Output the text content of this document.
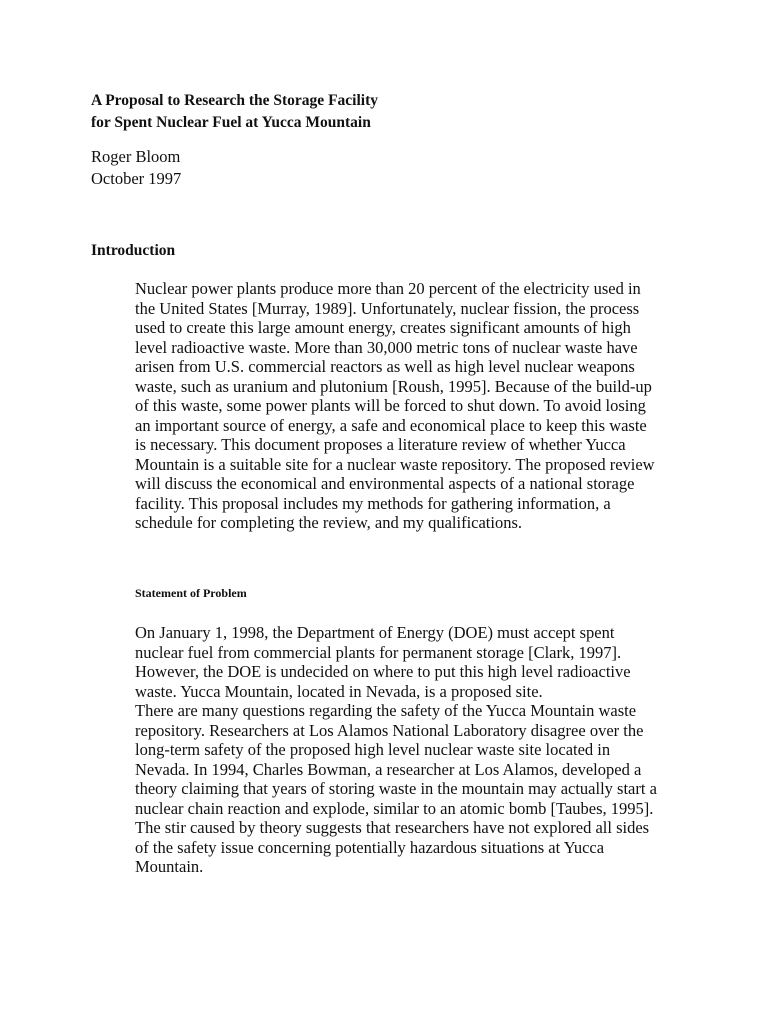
A Proposal to Research the Storage Facility
for Spent Nuclear Fuel at Yucca Mountain
Roger Bloom
October 1997
Introduction

Nuclear power plants produce more than 20 percent of the electricity used in
the United States [Murray, 1989]. Unfortunately, nuclear fission, the process
used to create this large amount energy, creates significant amounts of high
level radioactive waste. More than 30,000 metric tons of nuclear waste have
arisen from U.S. commercial reactors as well as high level nuclear weapons
waste, such as uranium and plutonium [Roush, 1995]. Because of the build-up
of this waste, some power plants will be forced to shut down. To avoid losing
an important source of energy, a safe and economical place to keep this waste
is necessary. This document proposes a literature review of whether Yucca
Mountain is a suitable site for a nuclear waste repository. The proposed review
will discuss the economical and environmental aspects of a national storage
facility. This proposal includes my methods for gathering information, a
schedule for completing the review, and my qualifications.

Statement of Problem

On January 1, 1998, the Department of Energy (DOE) must accept spent
nuclear fuel from commercial plants for permanent storage [Clark, 1997].
However, the DOE is undecided on where to put this high level radioactive
waste. Yucca Mountain, located in Nevada, is a proposed site.
There are many questions regarding the safety of the Yucca Mountain waste
repository. Researchers at Los Alamos National Laboratory disagree over the
long-term safety of the proposed high level nuclear waste site located in
Nevada. In 1994, Charles Bowman, a researcher at Los Alamos, developed a
theory claiming that years of storing waste in the mountain may actually start a
nuclear chain reaction and explode, similar to an atomic bomb [Taubes, 1995].
The stir caused by theory suggests that researchers have not explored all sides
of the safety issue concerning potentially hazardous situations at Yucca
Mountain.
